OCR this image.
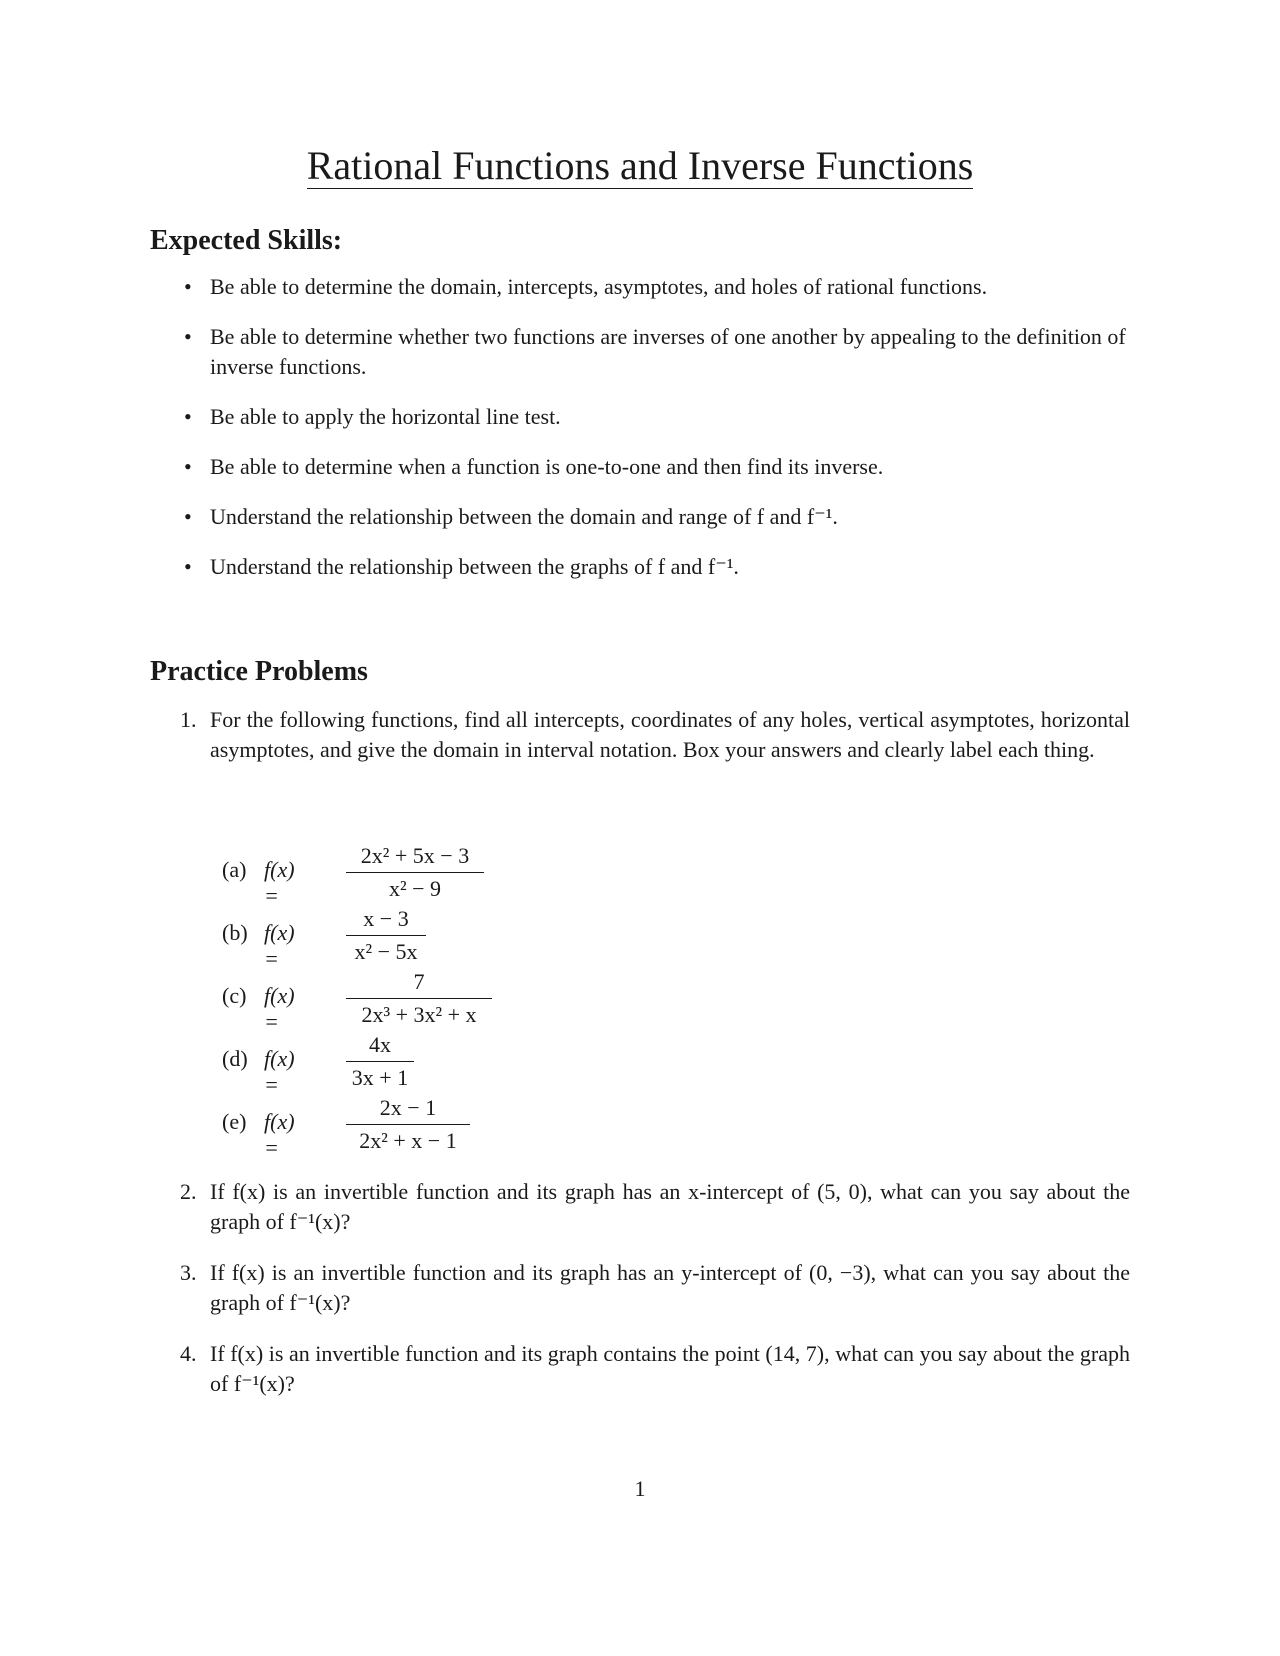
Rational Functions and Inverse Functions
Expected Skills:
• Be able to determine the domain, intercepts, asymptotes, and holes of rational functions.
• Be able to determine whether two functions are inverses of one another by appealing to the definition of inverse functions.
• Be able to apply the horizontal line test.
• Be able to determine when a function is one-to-one and then find its inverse.
• Understand the relationship between the domain and range of f and f⁻¹.
• Understand the relationship between the graphs of f and f⁻¹.
Practice Problems
1. For the following functions, find all intercepts, coordinates of any holes, vertical asymptotes, horizontal asymptotes, and give the domain in interval notation. Box your answers and clearly label each thing.
(a) f(x) =
2x² + 5x − 3
x² − 9
(b) f(x) =
x − 3
x² − 5x
(c) f(x) =
7
2x³ + 3x² + x
(d) f(x) =
4x
3x + 1
(e) f(x) =
2x − 1
2x² + x − 1
2. If f(x) is an invertible function and its graph has an x-intercept of (5, 0), what can you say about the graph of f⁻¹(x)?
3. If f(x) is an invertible function and its graph has an y-intercept of (0, −3), what can you say about the graph of f⁻¹(x)?
4. If f(x) is an invertible function and its graph contains the point (14, 7), what can you say about the graph of f⁻¹(x)?
1
